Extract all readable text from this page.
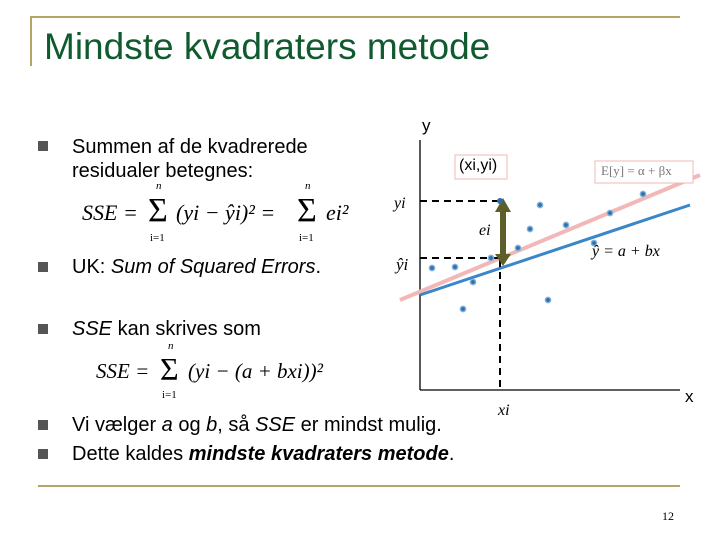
Mindste kvadraters metode
Summen af de kvadrerede
residualer betegnes:
SSE = Σ
n
i=1
(yi − ŷi)² = Σ
n
i=1
ei²
UK: Sum of Squared Errors.
SSE kan skrives som
SSE = Σ
n
i=1
(yi − (a + bxi))²
Vi vælger a og b, så SSE er mindst mulig.
Dette kaldes mindste kvadraters metode.
y
x
(xi,yi)	E[y] = α + βx
ŷ = a + bx
yi
ŷi
ei
xi
12
